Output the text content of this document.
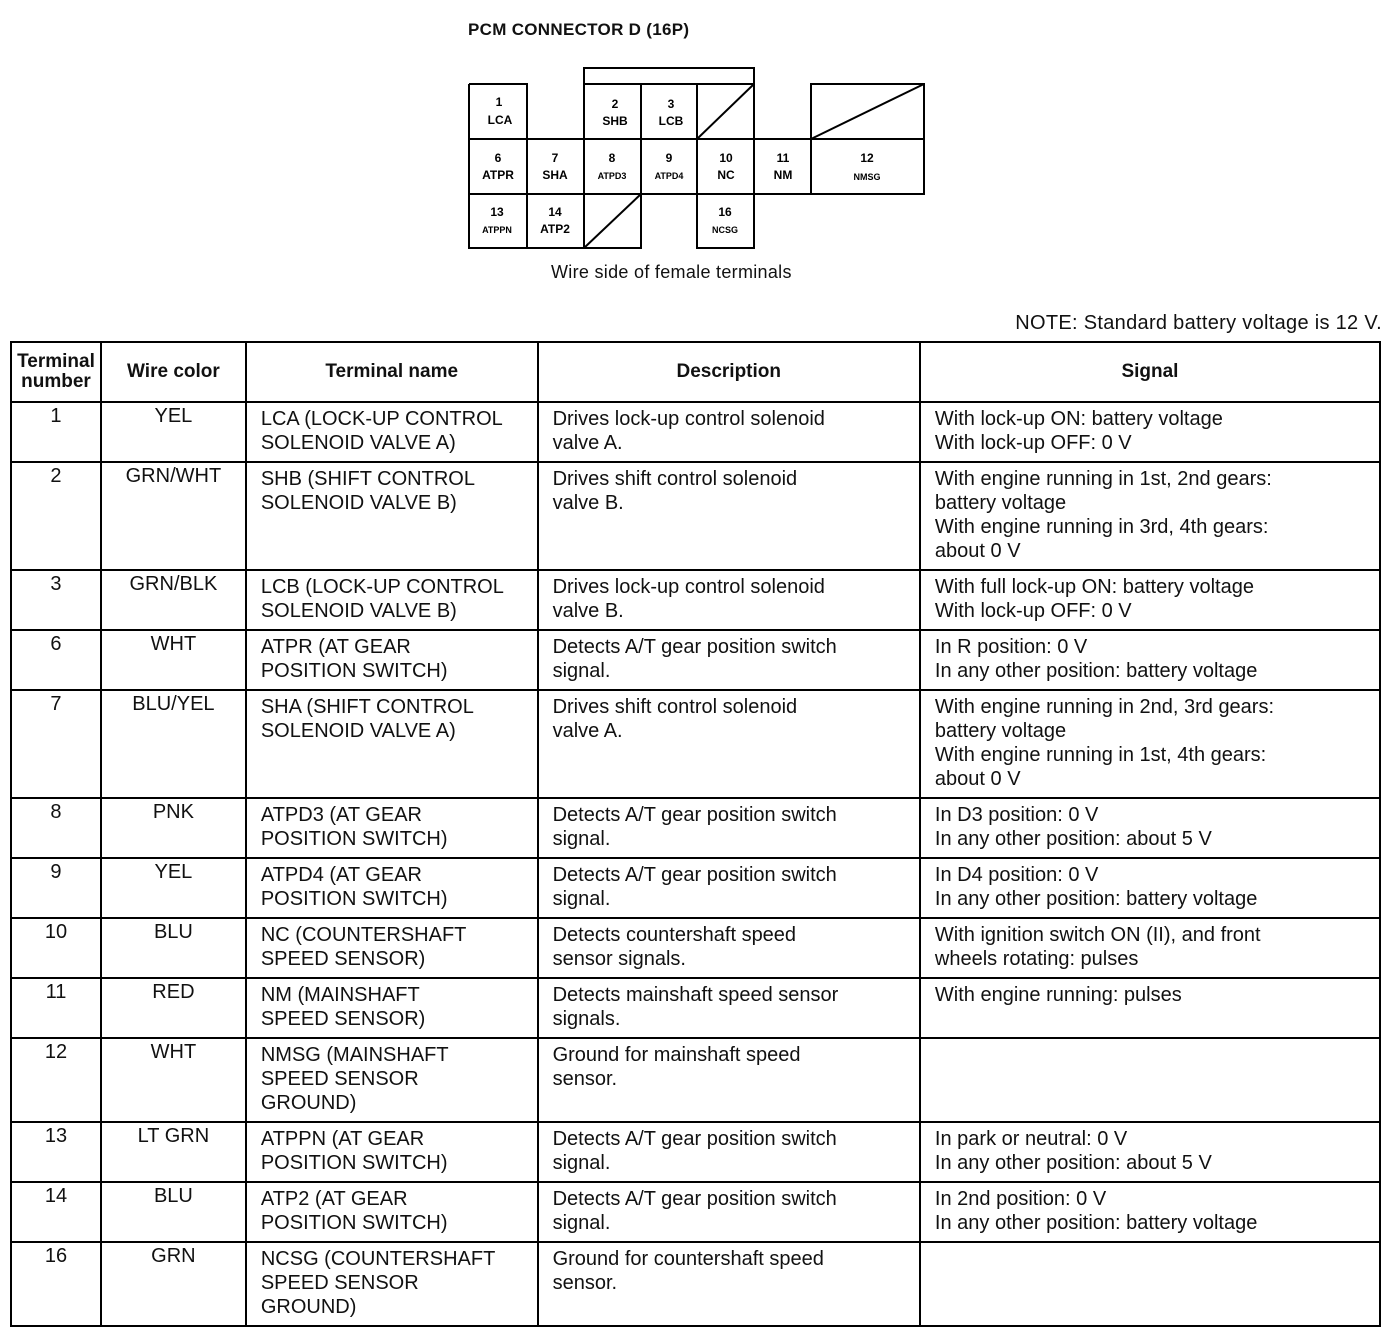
PCM CONNECTOR D (16P)
1
LCA
2
SHB
3
LCB
6
ATPR
7
SHA
8
ATPD3
9
ATPD4
10
NC
11
NM
12
NMSG
13
ATPPN
14
ATP2
16
NCSG
Wire side of female terminals
NOTE: Standard battery voltage is 12 V.
Terminal
number	Wire color	Terminal name	Description	Signal
1	YEL	LCA (LOCK-UP CONTROL
SOLENOID VALVE A)	Drives lock-up control solenoid
valve A.	With lock-up ON: battery voltage
With lock-up OFF: 0 V

2	GRN/WHT	SHB (SHIFT CONTROL
SOLENOID VALVE B)	Drives shift control solenoid
valve B.	With engine running in 1st, 2nd gears:
battery voltage
With engine running in 3rd, 4th gears:
about 0 V

3	GRN/BLK	LCB (LOCK-UP CONTROL
SOLENOID VALVE B)	Drives lock-up control solenoid
valve B.	With full lock-up ON: battery voltage
With lock-up OFF: 0 V

6	WHT	ATPR (AT GEAR
POSITION SWITCH)	Detects A/T gear position switch
signal.	In R position: 0 V
In any other position: battery voltage

7	BLU/YEL	SHA (SHIFT CONTROL
SOLENOID VALVE A)	Drives shift control solenoid
valve A.	With engine running in 2nd, 3rd gears:
battery voltage
With engine running in 1st, 4th gears:
about 0 V

8	PNK	ATPD3 (AT GEAR
POSITION SWITCH)	Detects A/T gear position switch
signal.	In D3 position: 0 V
In any other position: about 5 V

9	YEL	ATPD4 (AT GEAR
POSITION SWITCH)	Detects A/T gear position switch
signal.	In D4 position: 0 V
In any other position: battery voltage

10	BLU	NC (COUNTERSHAFT
SPEED SENSOR)	Detects countershaft speed
sensor signals.	With ignition switch ON (II), and front
wheels rotating: pulses

11	RED	NM (MAINSHAFT
SPEED SENSOR)	Detects mainshaft speed sensor
signals.	With engine running: pulses

12	WHT	NMSG (MAINSHAFT
SPEED SENSOR
GROUND)	Ground for mainshaft speed
sensor.	

13	LT GRN	ATPPN (AT GEAR
POSITION SWITCH)	Detects A/T gear position switch
signal.	In park or neutral: 0 V
In any other position: about 5 V

14	BLU	ATP2 (AT GEAR
POSITION SWITCH)	Detects A/T gear position switch
signal.	In 2nd position: 0 V
In any other position: battery voltage

16	GRN	NCSG (COUNTERSHAFT
SPEED SENSOR
GROUND)	Ground for countershaft speed
sensor.	
